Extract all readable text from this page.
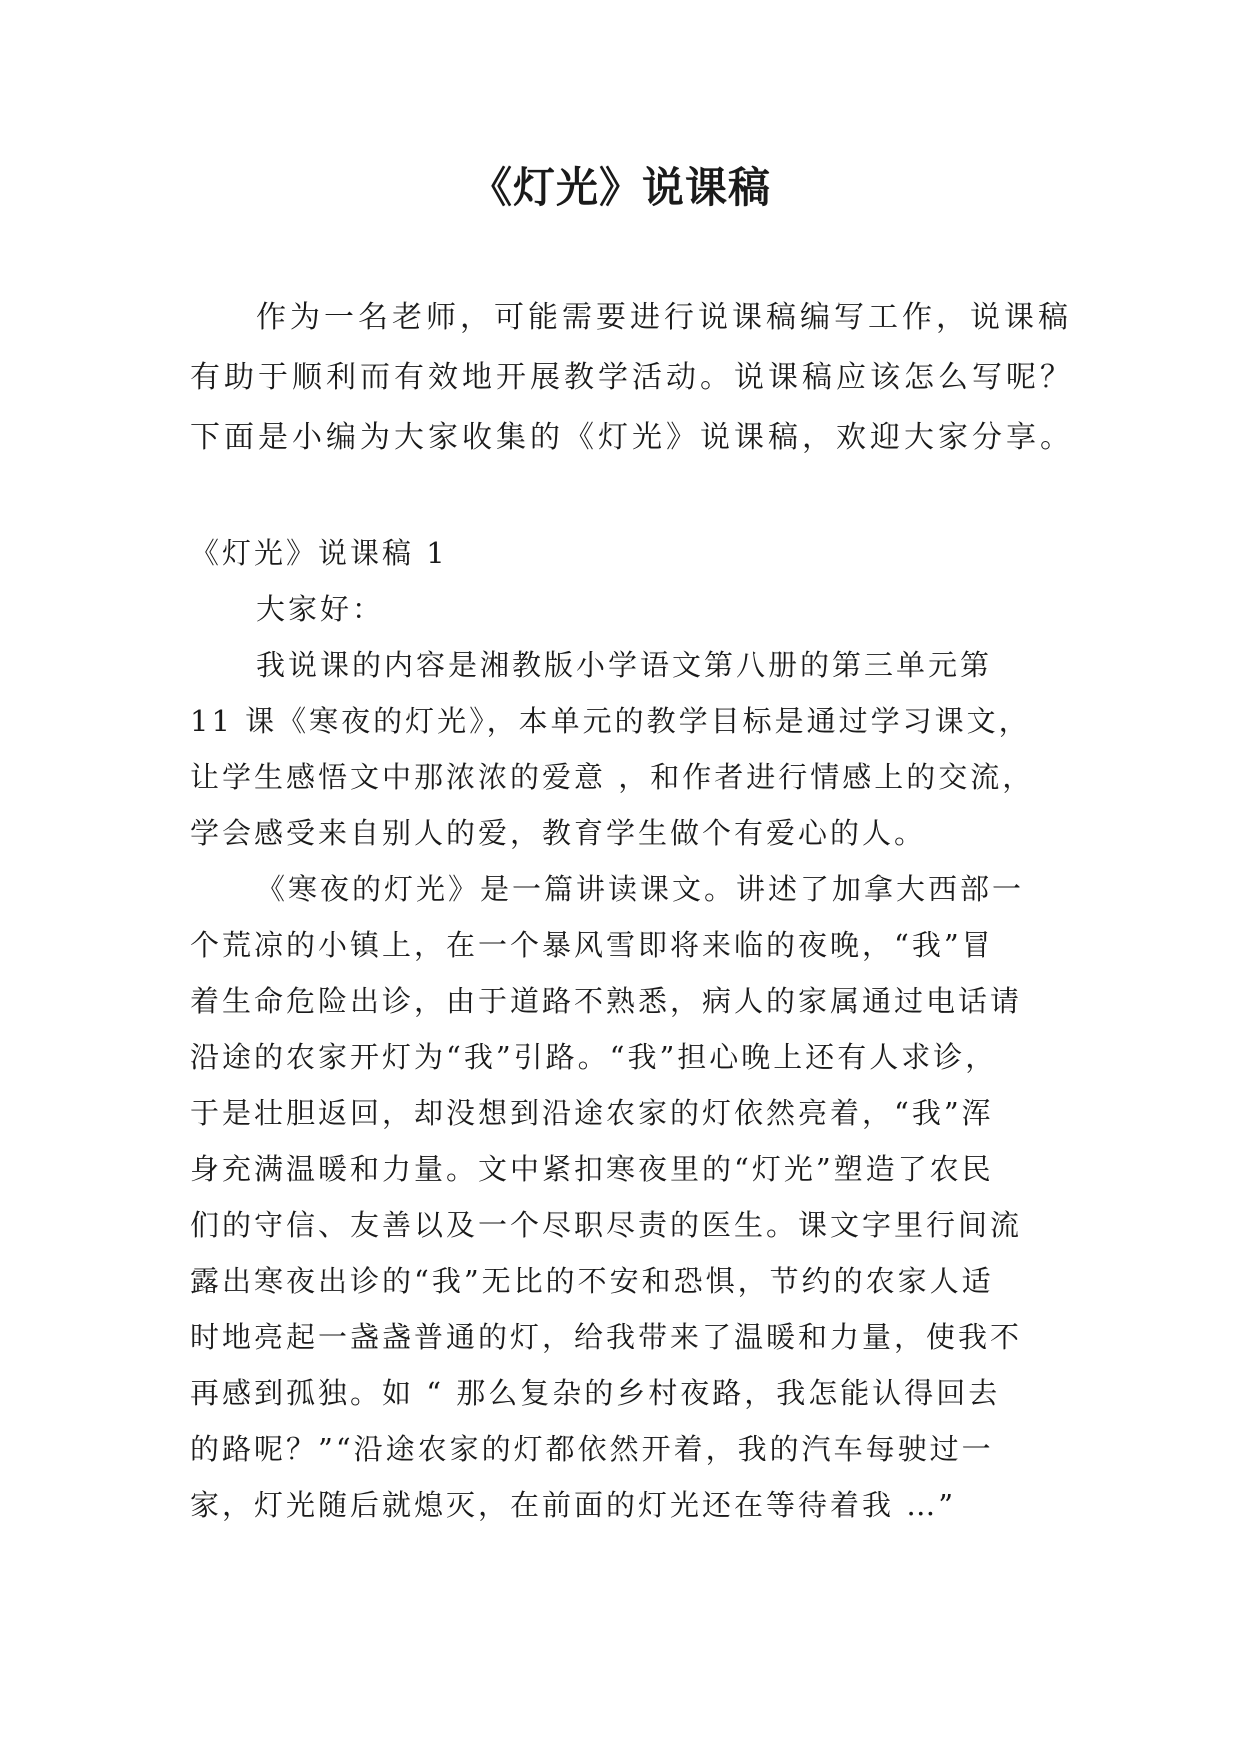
《灯光》说课稿
作为一名老师，可能需要进行说课稿编写工作，说课稿
有助于顺利而有效地开展教学活动。说课稿应该怎么写呢？
下面是小编为大家收集的《灯光》说课稿，欢迎大家分享。
《灯光》说课稿 1
大家好：
我说课的内容是湘教版小学语文第八册的第三单元第
11 课《寒夜的灯光》，本单元的教学目标是通过学习课文，
让学生感悟文中那浓浓的爱意 ，和作者进行情感上的交流，
学会感受来自别人的爱，教育学生做个有爱心的人。
《寒夜的灯光》是一篇讲读课文。讲述了加拿大西部一
个荒凉的小镇上，在一个暴风雪即将来临的夜晚，“我”冒
着生命危险出诊，由于道路不熟悉，病人的家属通过电话请
沿途的农家开灯为“我”引路。“我”担心晚上还有人求诊，
于是壮胆返回，却没想到沿途农家的灯依然亮着，“我”浑
身充满温暖和力量。文中紧扣寒夜里的“灯光”塑造了农民
们的守信、友善以及一个尽职尽责的医生。课文字里行间流
露出寒夜出诊的“我”无比的不安和恐惧，节约的农家人适
时地亮起一盏盏普通的灯，给我带来了温暖和力量，使我不
再感到孤独。如 “ 那么复杂的乡村夜路，我怎能认得回去
的路呢？”“沿途农家的灯都依然开着，我的汽车每驶过一
家，灯光随后就熄灭，在前面的灯光还在等待着我 …”
